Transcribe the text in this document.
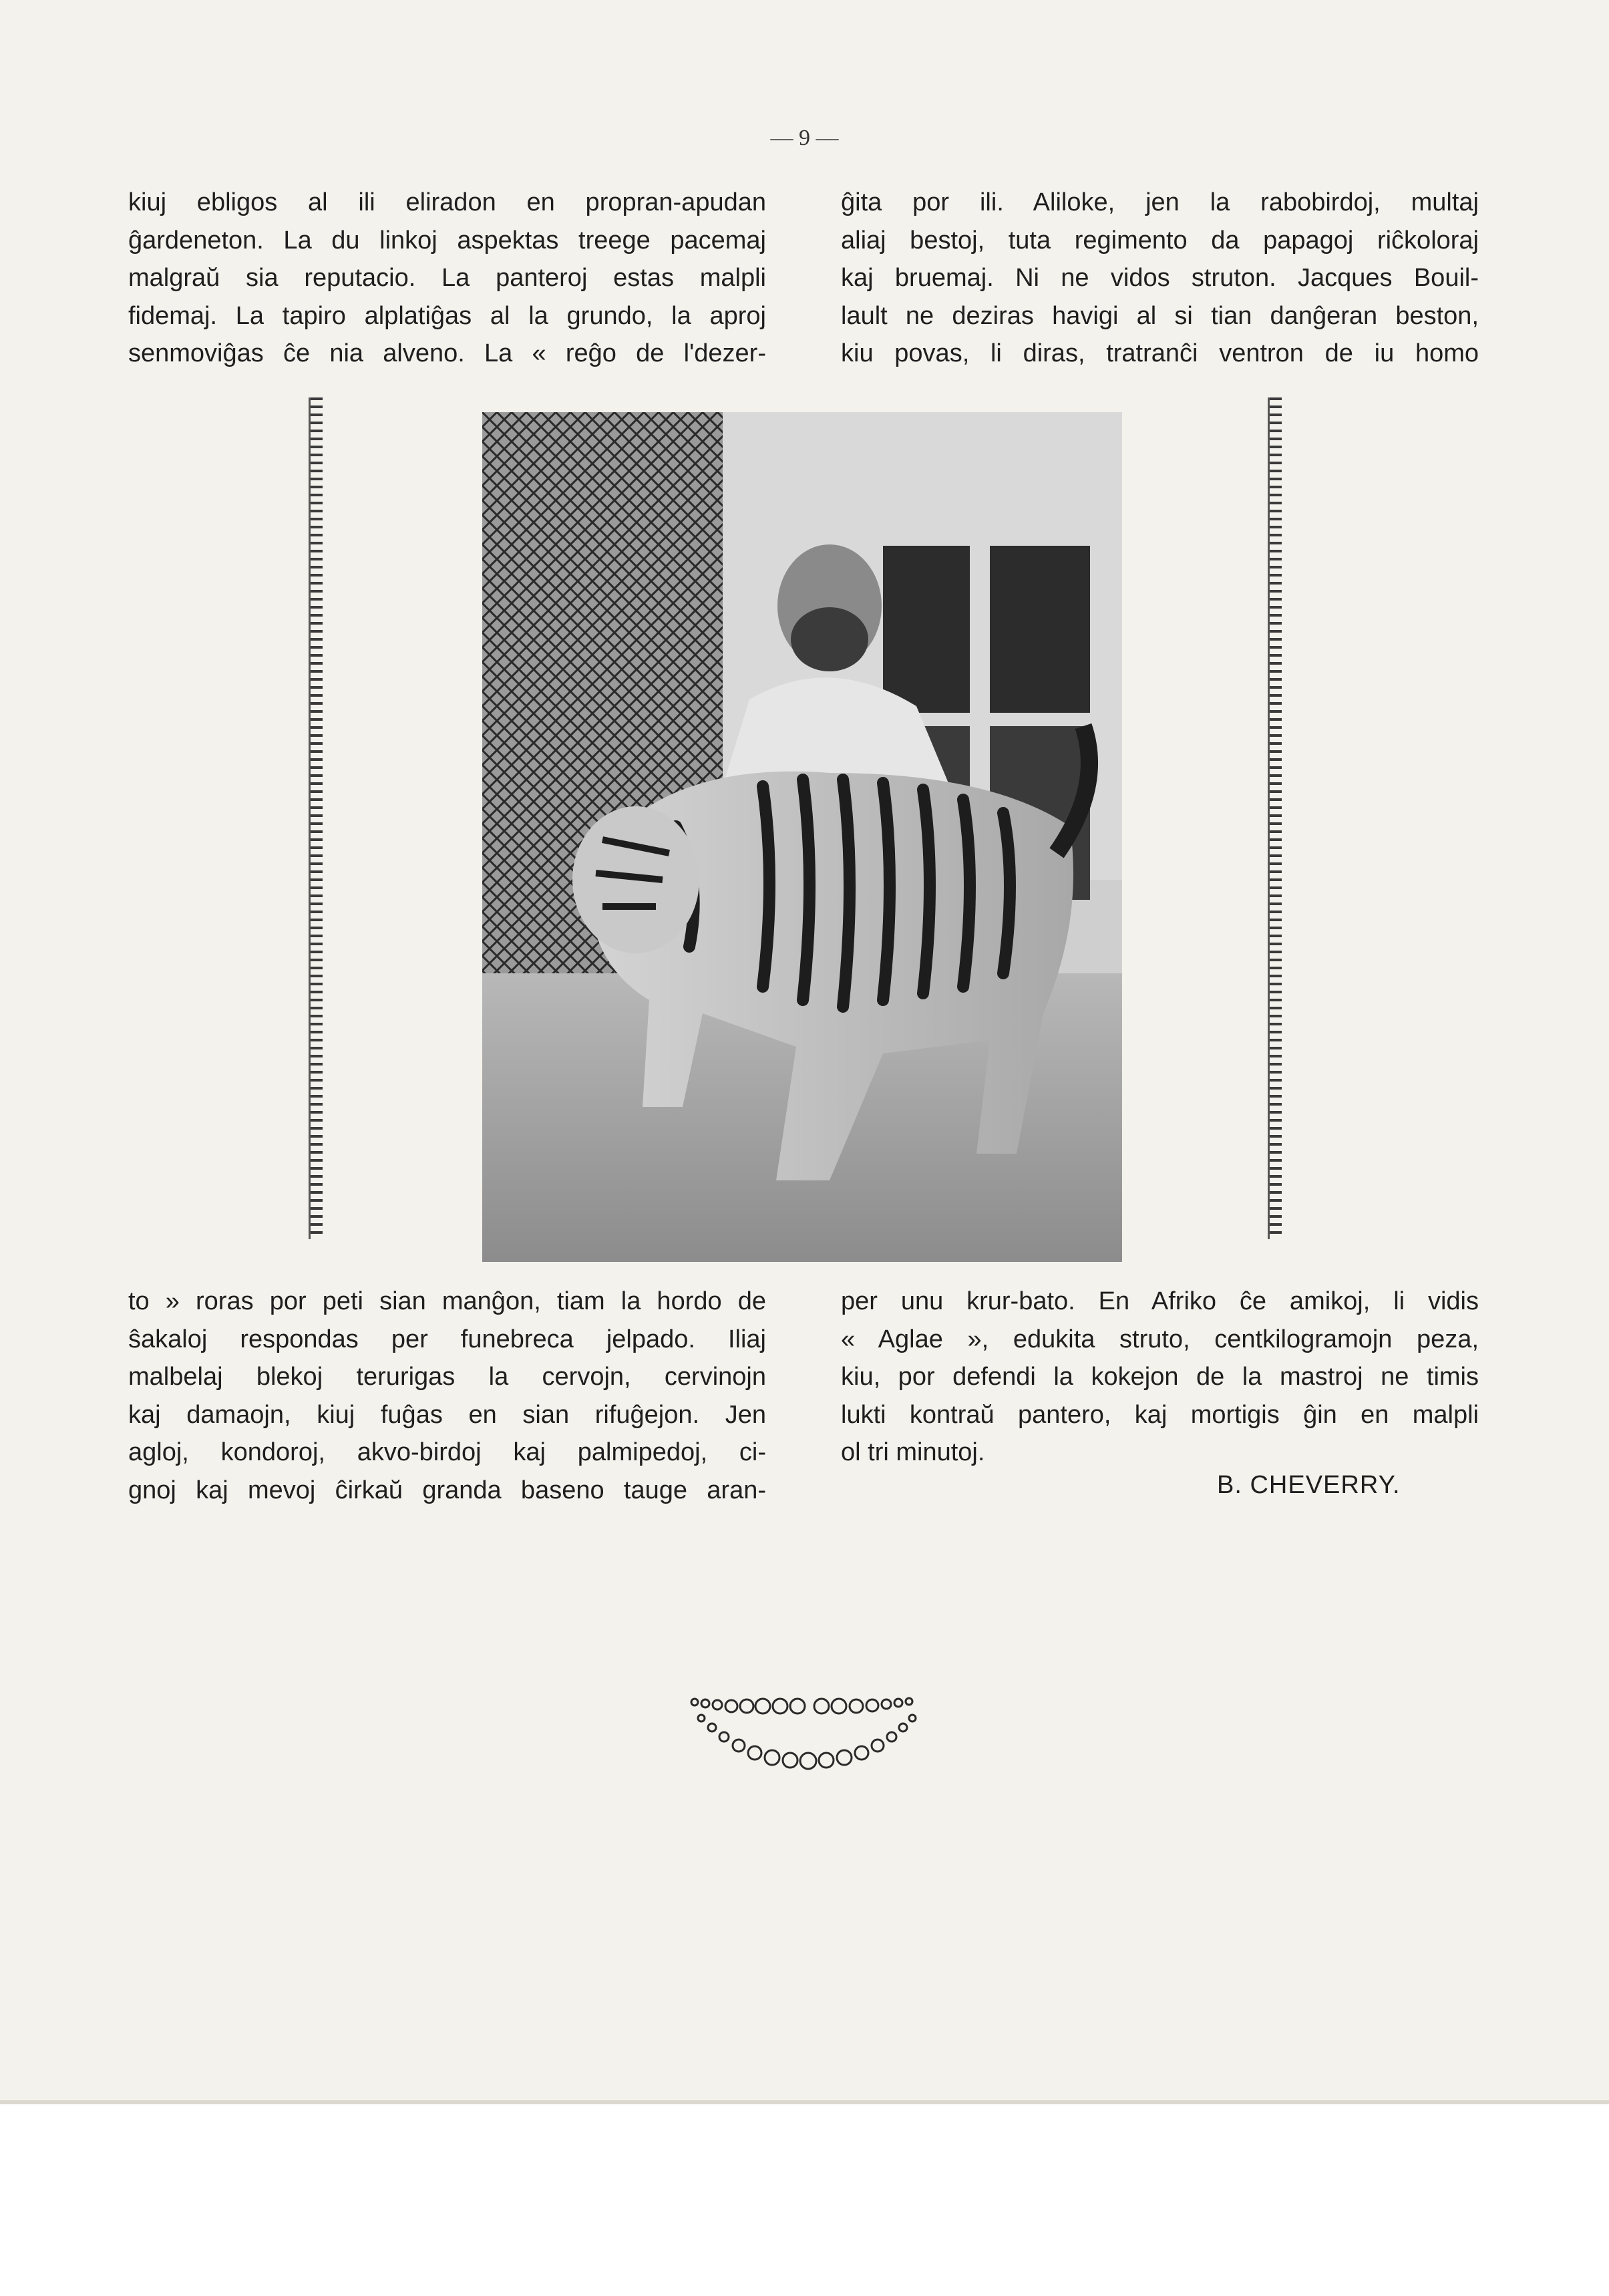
— 9 —
kiuj ebligos al ili eliradon en propran-apudan
ĝardeneton. La du linkoj aspektas treege pacemaj
malgraŭ sia reputacio. La panteroj estas malpli
fidemaj. La tapiro alplatiĝas al la grundo, la aproj
senmoviĝas ĉe nia alveno. La « reĝo de l'dezer-
ĝita por ili. Aliloke, jen la rabobirdoj, multaj
aliaj bestoj, tuta regimento da papagoj riĉkoloraj
kaj bruemaj. Ni ne vidos struton. Jacques Bouil-
lault ne deziras havigi al si tian danĝeran beston,
kiu povas, li diras, tratranĉi ventron de iu homo
to » roras por peti sian manĝon, tiam la hordo de
ŝakaloj respondas per funebreca jelpado. Iliaj
malbelaj blekoj terurigas la cervojn, cervinojn
kaj damaojn, kiuj fuĝas en sian rifuĝejon. Jen
agloj, kondoroj, akvo-birdoj kaj palmipedoj, ci-
gnoj kaj mevoj ĉirkaŭ granda baseno tauge aran-
per unu krur-bato. En Afriko ĉe amikoj, li vidis
« Aglae », edukita struto, centkilogramojn peza,
kiu, por defendi la kokejon de la mastroj ne timis
lukti kontraŭ pantero, kaj mortigis ĝin en malpli
ol tri minutoj.
B. CHEVERRY.
